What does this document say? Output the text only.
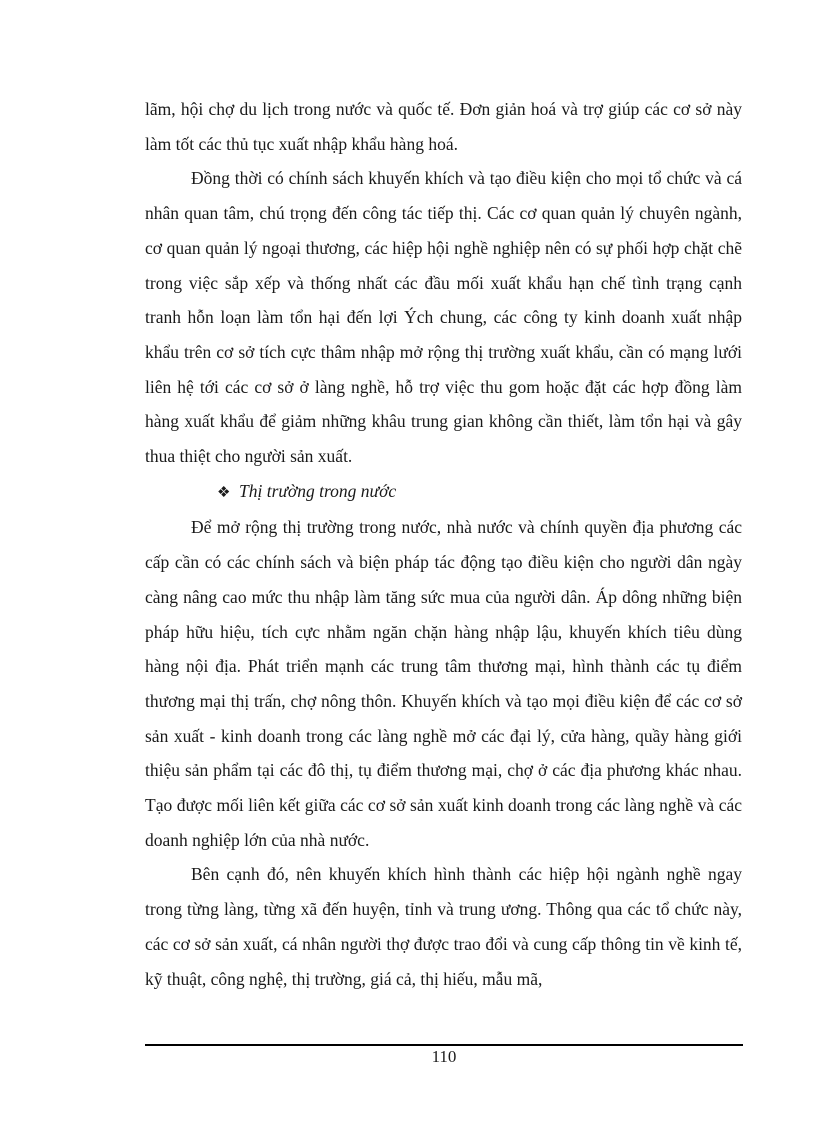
lãm, hội chợ du lịch trong nước và quốc tế. Đơn giản hoá và trợ giúp các cơ sở này làm tốt các thủ tục xuất nhập khẩu hàng hoá.

Đồng thời có chính sách khuyến khích và tạo điều kiện cho mọi tổ chức và cá nhân quan tâm, chú trọng đến công tác tiếp thị. Các cơ quan quản lý chuyên ngành, cơ quan quản lý ngoại thương, các hiệp hội nghề nghiệp nên có sự phối hợp chặt chẽ trong việc sắp xếp và thống nhất các đầu mối xuất khẩu hạn chế tình trạng cạnh tranh hỗn loạn làm tổn hại đến lợi Ých chung, các công ty kinh doanh xuất nhập khẩu trên cơ sở tích cực thâm nhập mở rộng thị trường xuất khẩu, cần có mạng lưới liên hệ tới các cơ sở ở làng nghề, hỗ trợ việc thu gom hoặc đặt các hợp đồng làm hàng xuất khẩu để giảm những khâu trung gian không cần thiết, làm tổn hại và gây thua thiệt cho người sản xuất.

❖ Thị trường trong nước

Để mở rộng thị trường trong nước, nhà nước và chính quyền địa phương các cấp cần có các chính sách và biện pháp tác động tạo điều kiện cho người dân ngày càng nâng cao mức thu nhập làm tăng sức mua của người dân. Áp dông những biện pháp hữu hiệu, tích cực nhằm ngăn chặn hàng nhập lậu, khuyến khích tiêu dùng hàng nội địa. Phát triển mạnh các trung tâm thương mại, hình thành các tụ điểm thương mại thị trấn, chợ nông thôn. Khuyến khích và tạo mọi điều kiện để các cơ sở sản xuất - kinh doanh trong các làng nghề mở các đại lý, cửa hàng, quầy hàng giới thiệu sản phẩm tại các đô thị, tụ điểm thương mại, chợ ở các địa phương khác nhau. Tạo được mối liên kết giữa các cơ sở sản xuất kinh doanh trong các làng nghề và các doanh nghiệp lớn của nhà nước.

Bên cạnh đó, nên khuyến khích hình thành các hiệp hội ngành nghề ngay trong từng làng, từng xã đến huyện, tỉnh và trung ương. Thông qua các tổ chức này, các cơ sở sản xuất, cá nhân người thợ được trao đổi và cung cấp thông tin về kinh tế, kỹ thuật, công nghệ, thị trường, giá cả, thị hiếu, mẫu mã,

110
